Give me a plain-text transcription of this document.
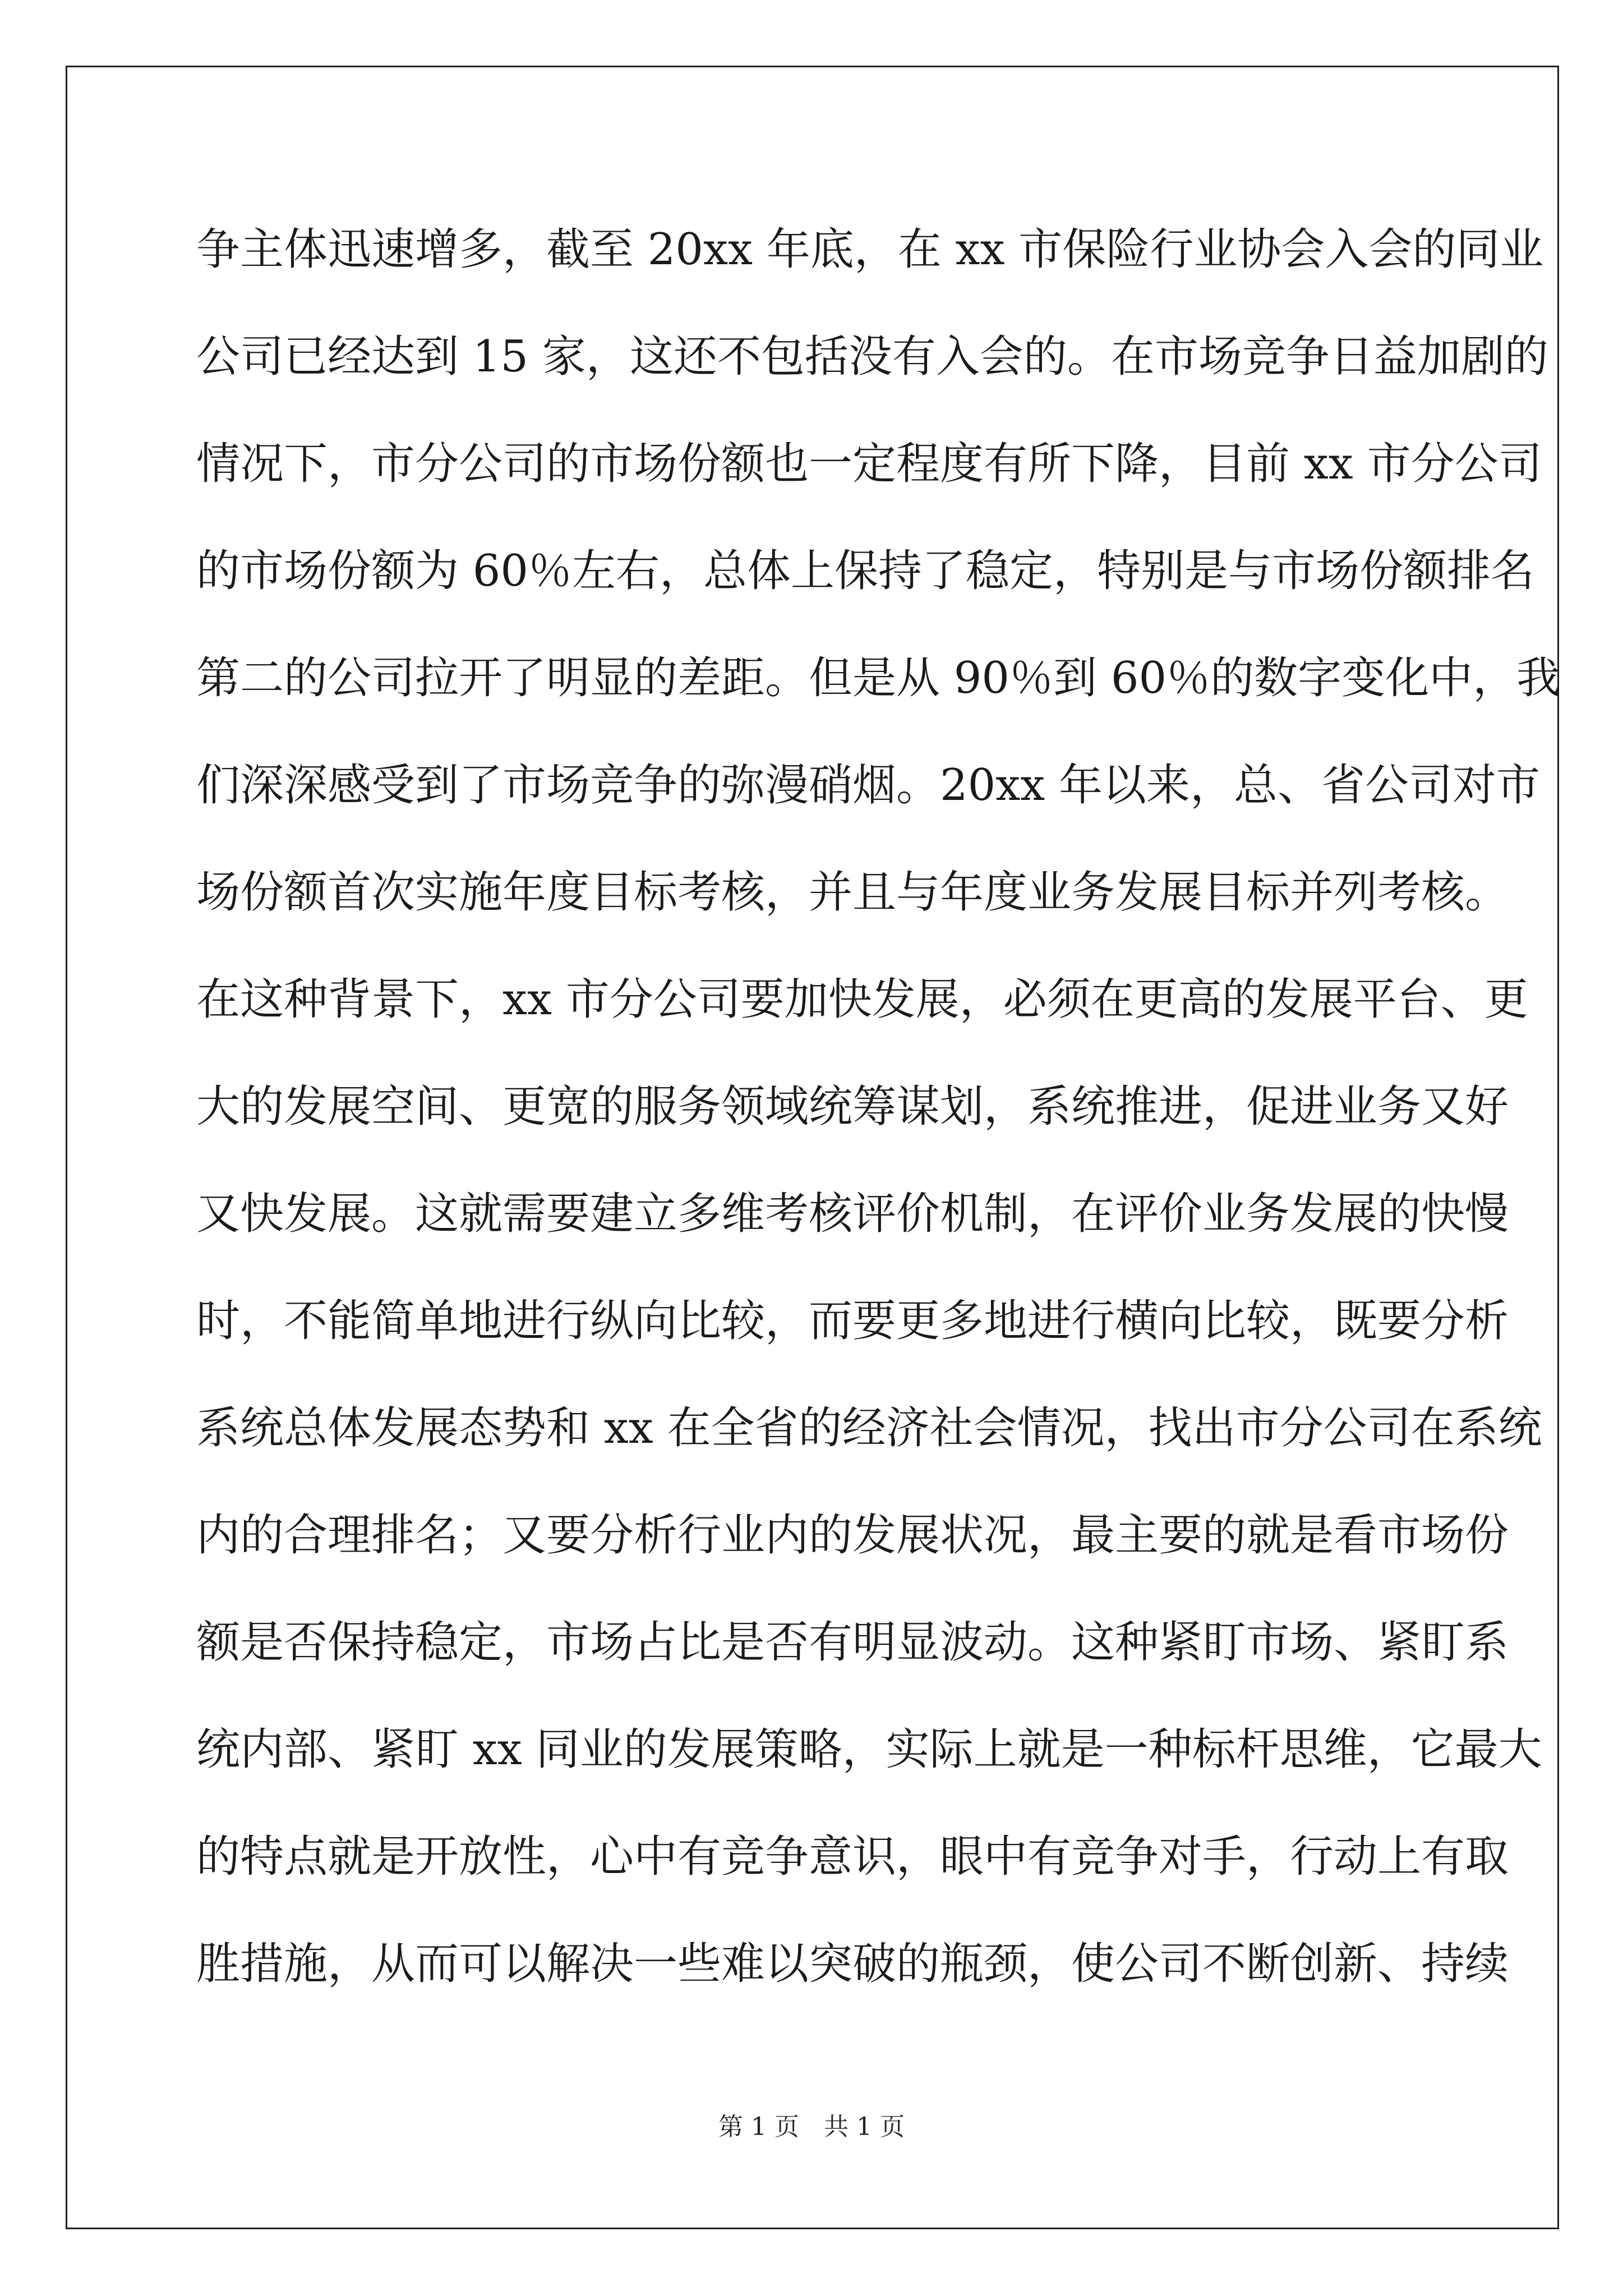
争主体迅速增多，截至 20xx 年底，在 xx 市保险行业协会入会的同业
公司已经达到 15 家，这还不包括没有入会的。在市场竞争日益加剧的
情况下，市分公司的市场份额也一定程度有所下降，目前 xx 市分公司
的市场份额为 60％左右，总体上保持了稳定，特别是与市场份额排名
第二的公司拉开了明显的差距。但是从 90％到 60％的数字变化中，我
们深深感受到了市场竞争的弥漫硝烟。20xx 年以来，总、省公司对市
场份额首次实施年度目标考核，并且与年度业务发展目标并列考核。
在这种背景下，xx 市分公司要加快发展，必须在更高的发展平台、更
大的发展空间、更宽的服务领域统筹谋划，系统推进，促进业务又好
又快发展。这就需要建立多维考核评价机制，在评价业务发展的快慢
时，不能简单地进行纵向比较，而要更多地进行横向比较，既要分析
系统总体发展态势和 xx 在全省的经济社会情况，找出市分公司在系统
内的合理排名；又要分析行业内的发展状况，最主要的就是看市场份
额是否保持稳定，市场占比是否有明显波动。这种紧盯市场、紧盯系
统内部、紧盯 xx 同业的发展策略，实际上就是一种标杆思维，它最大
的特点就是开放性，心中有竞争意识，眼中有竞争对手，行动上有取
胜措施，从而可以解决一些难以突破的瓶颈，使公司不断创新、持续
第 1 页　共 1 页
